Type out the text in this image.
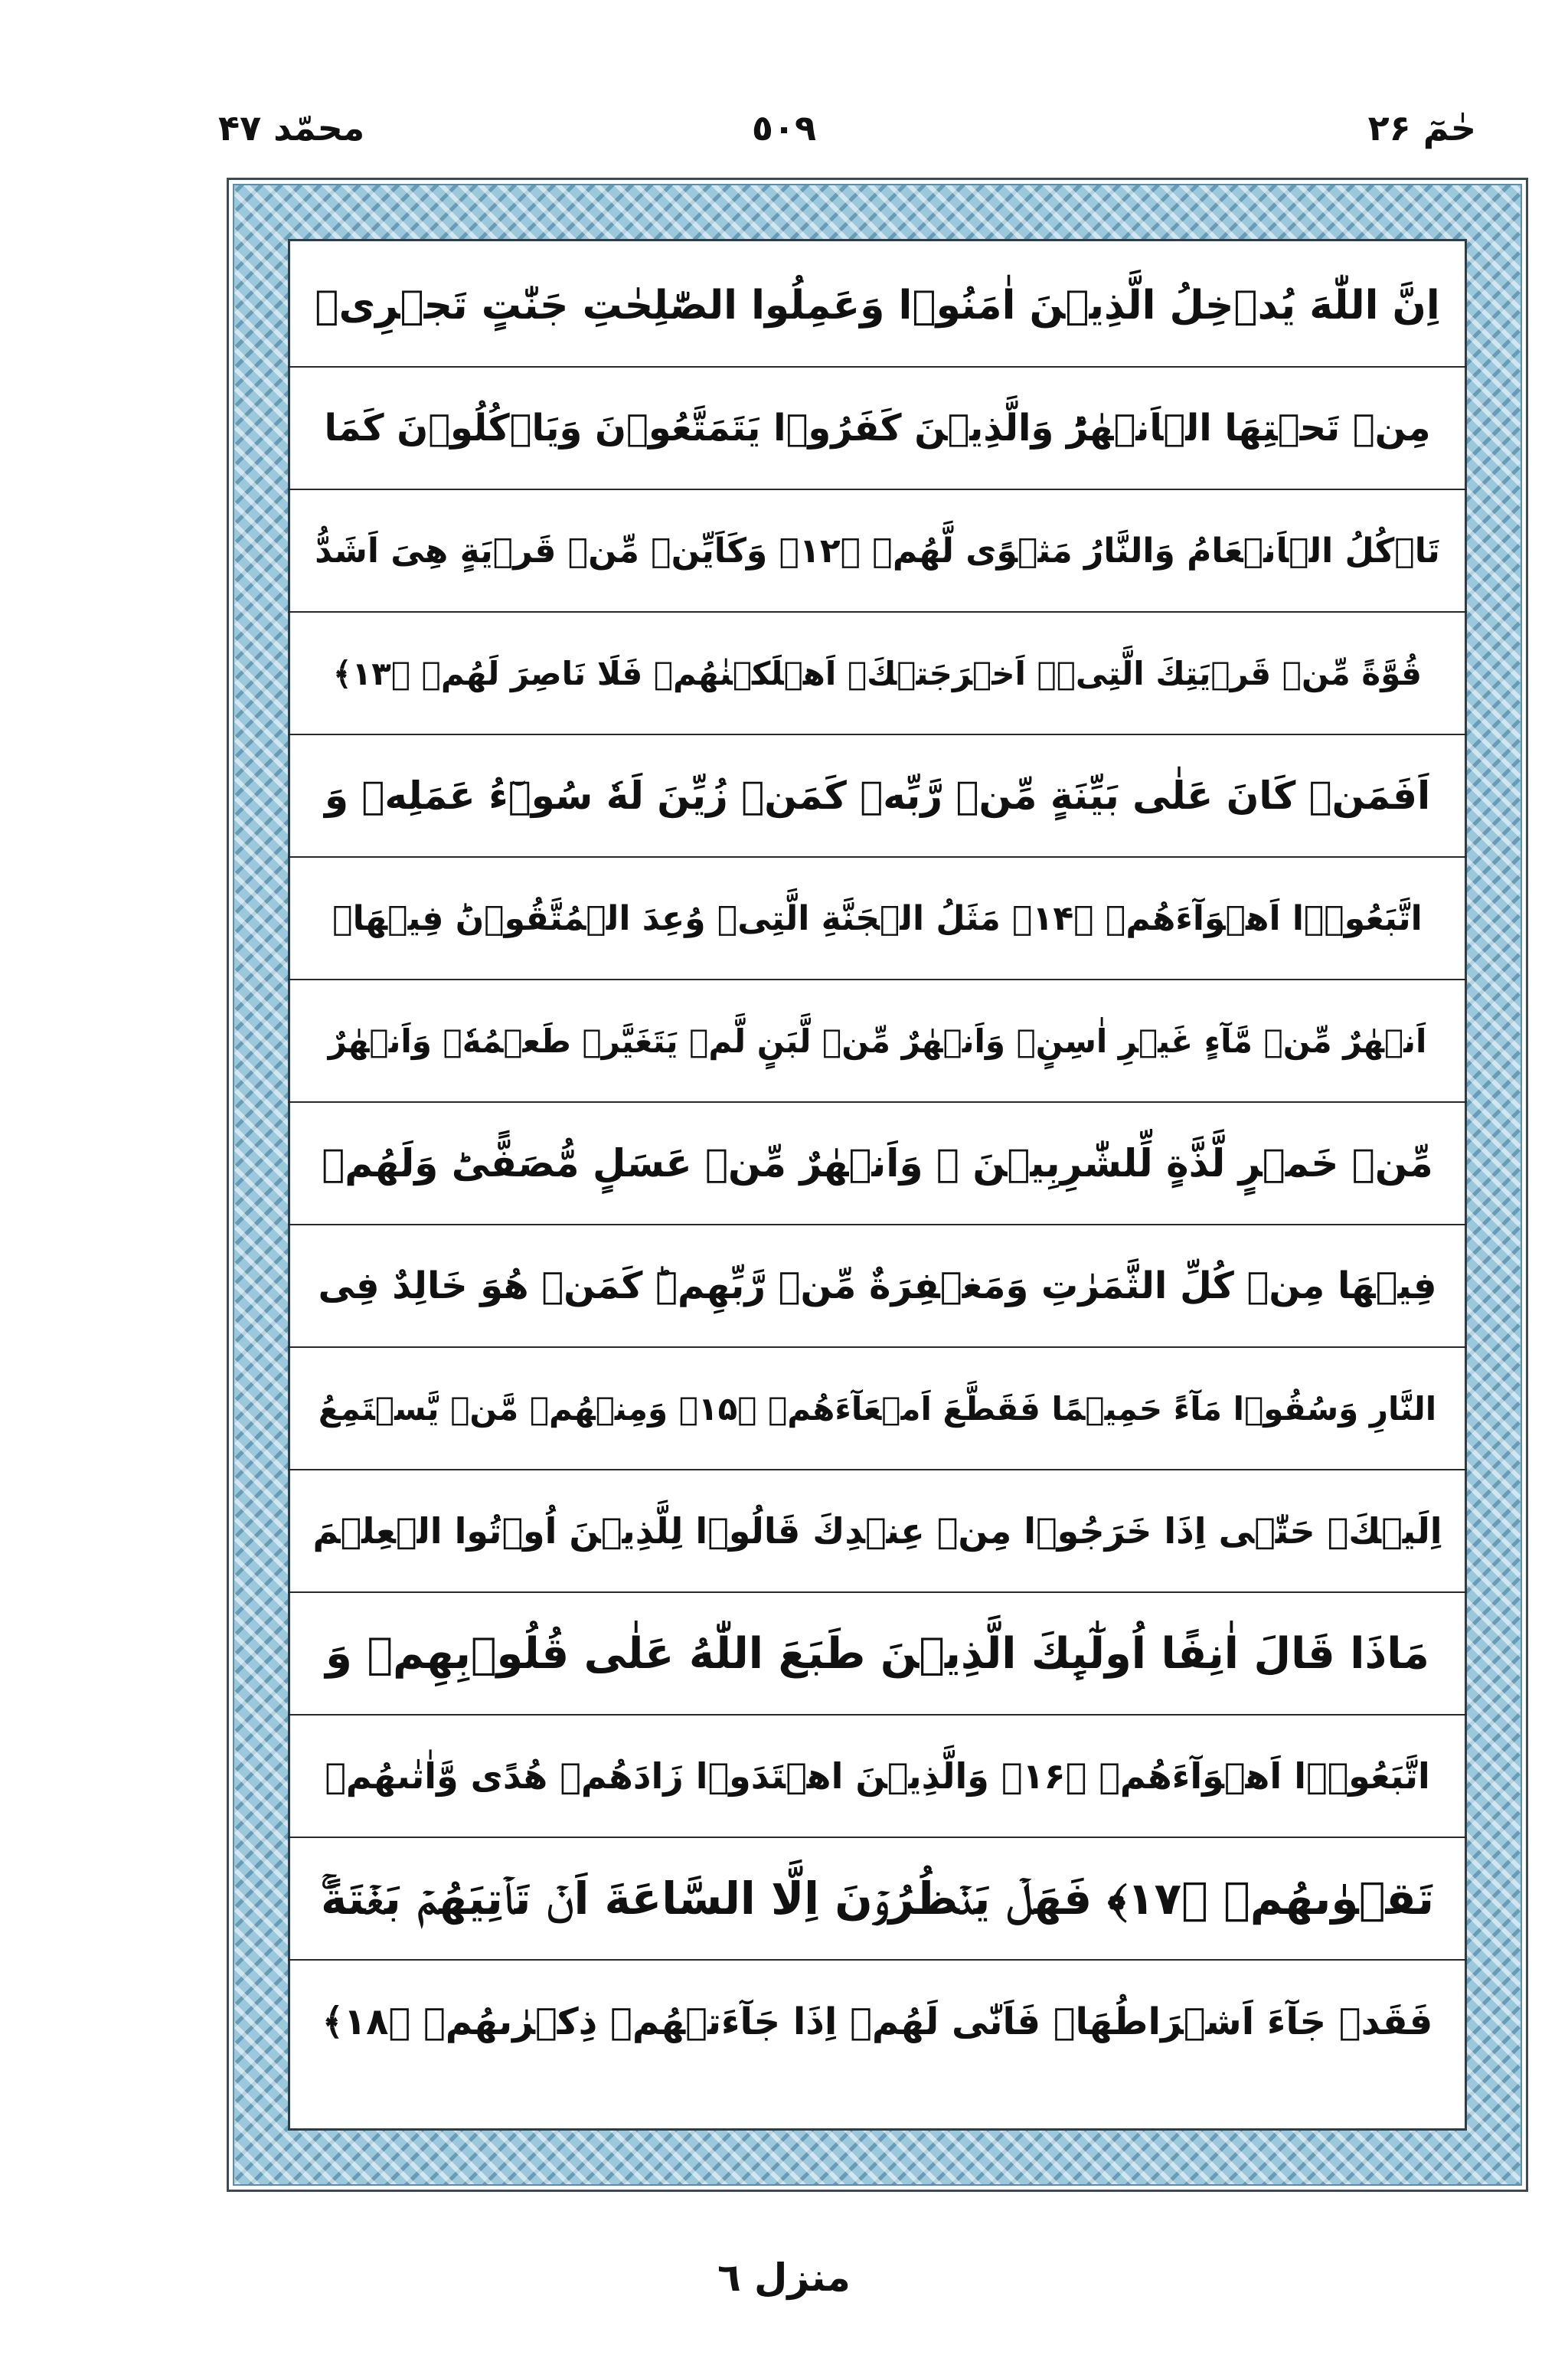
محمّد ۴۷	٥٠٩	حٰمٓ ۲۶
اِنَّ اللّٰهَ يُدۡخِلُ الَّذِيۡنَ اٰمَنُوۡا وَعَمِلُوا الصّٰلِحٰتِ جَنّٰتٍ تَجۡرِىۡ
مِنۡ تَحۡتِهَا الۡاَنۡهٰرُ​ؕ وَالَّذِيۡنَ كَفَرُوۡا يَتَمَتَّعُوۡنَ وَيَاۡكُلُوۡنَ كَمَا
تَاۡكُلُ الۡاَنۡعَامُ وَالنَّارُ مَثۡوًى لَّهُمۡ ﴿۱۲﴾ وَكَاَيِّنۡ مِّنۡ قَرۡيَةٍ هِىَ اَشَدُّ
قُوَّةً مِّنۡ قَرۡيَتِكَ الَّتِىۡۤ اَخۡرَجَتۡكَ​ۚ اَهۡلَكۡنٰهُمۡ فَلَا نَاصِرَ لَهُمۡ ﴿۱۳﴾
اَفَمَنۡ كَانَ عَلٰى بَيِّنَةٍ مِّنۡ رَّبِّهٖ كَمَنۡ زُيِّنَ لَهٗ سُوۡٓءُ عَمَلِهٖ وَ
اتَّبَعُوۡۤا اَهۡوَآءَهُمۡ ﴿۱۴﴾ مَثَلُ الۡجَنَّةِ الَّتِىۡ وُعِدَ الۡمُتَّقُوۡنَ​ؕ فِيۡهَاۤ
اَنۡهٰرٌ مِّنۡ مَّآءٍ غَيۡرِ اٰسِنٍ​ۚ وَاَنۡهٰرٌ مِّنۡ لَّبَنٍ لَّمۡ يَتَغَيَّرۡ طَعۡمُهٗ​ۚ وَاَنۡهٰرٌ
مِّنۡ خَمۡرٍ لَّذَّةٍ لِّلشّٰرِبِيۡنَ ۚ وَاَنۡهٰرٌ مِّنۡ عَسَلٍ مُّصَفًّى​ؕ وَلَهُمۡ
فِيۡهَا مِنۡ كُلِّ الثَّمَرٰتِ وَمَغۡفِرَةٌ مِّنۡ رَّبِّهِمۡ​ؕ كَمَنۡ هُوَ خَالِدٌ فِى
النَّارِ وَسُقُوۡا مَآءً حَمِيۡمًا فَقَطَّعَ اَمۡعَآءَهُمۡ ﴿۱۵﴾ وَمِنۡهُمۡ مَّنۡ يَّسۡتَمِعُ
اِلَيۡكَ​ۚ حَتّٰۤى اِذَا خَرَجُوۡا مِنۡ عِنۡدِكَ قَالُوۡا لِلَّذِيۡنَ اُوۡتُوا الۡعِلۡمَ
مَاذَا قَالَ اٰنِفًا​ اُولٰٓٮِٕكَ الَّذِيۡنَ طَبَعَ اللّٰهُ عَلٰى قُلُوۡبِهِمۡ وَ
اتَّبَعُوۡۤا اَهۡوَآءَهُمۡ ﴿۱۶﴾ وَالَّذِيۡنَ اهۡتَدَوۡا زَادَهُمۡ هُدًى وَّاٰتٰٮهُمۡ
تَقۡوٰٮهُمۡ ﴿۱۷﴾ فَهَلۡ يَنۡظُرُوۡنَ اِلَّا السَّاعَةَ اَنۡ تَاۡتِيَهُمۡ بَغۡتَةً​ۚ
فَقَدۡ جَآءَ اَشۡرَاطُهَا​ۚ فَاَنّٰى لَهُمۡ اِذَا جَآءَتۡهُمۡ ذِكۡرٰٮهُمۡ ﴿۱۸﴾
منزل ٦
